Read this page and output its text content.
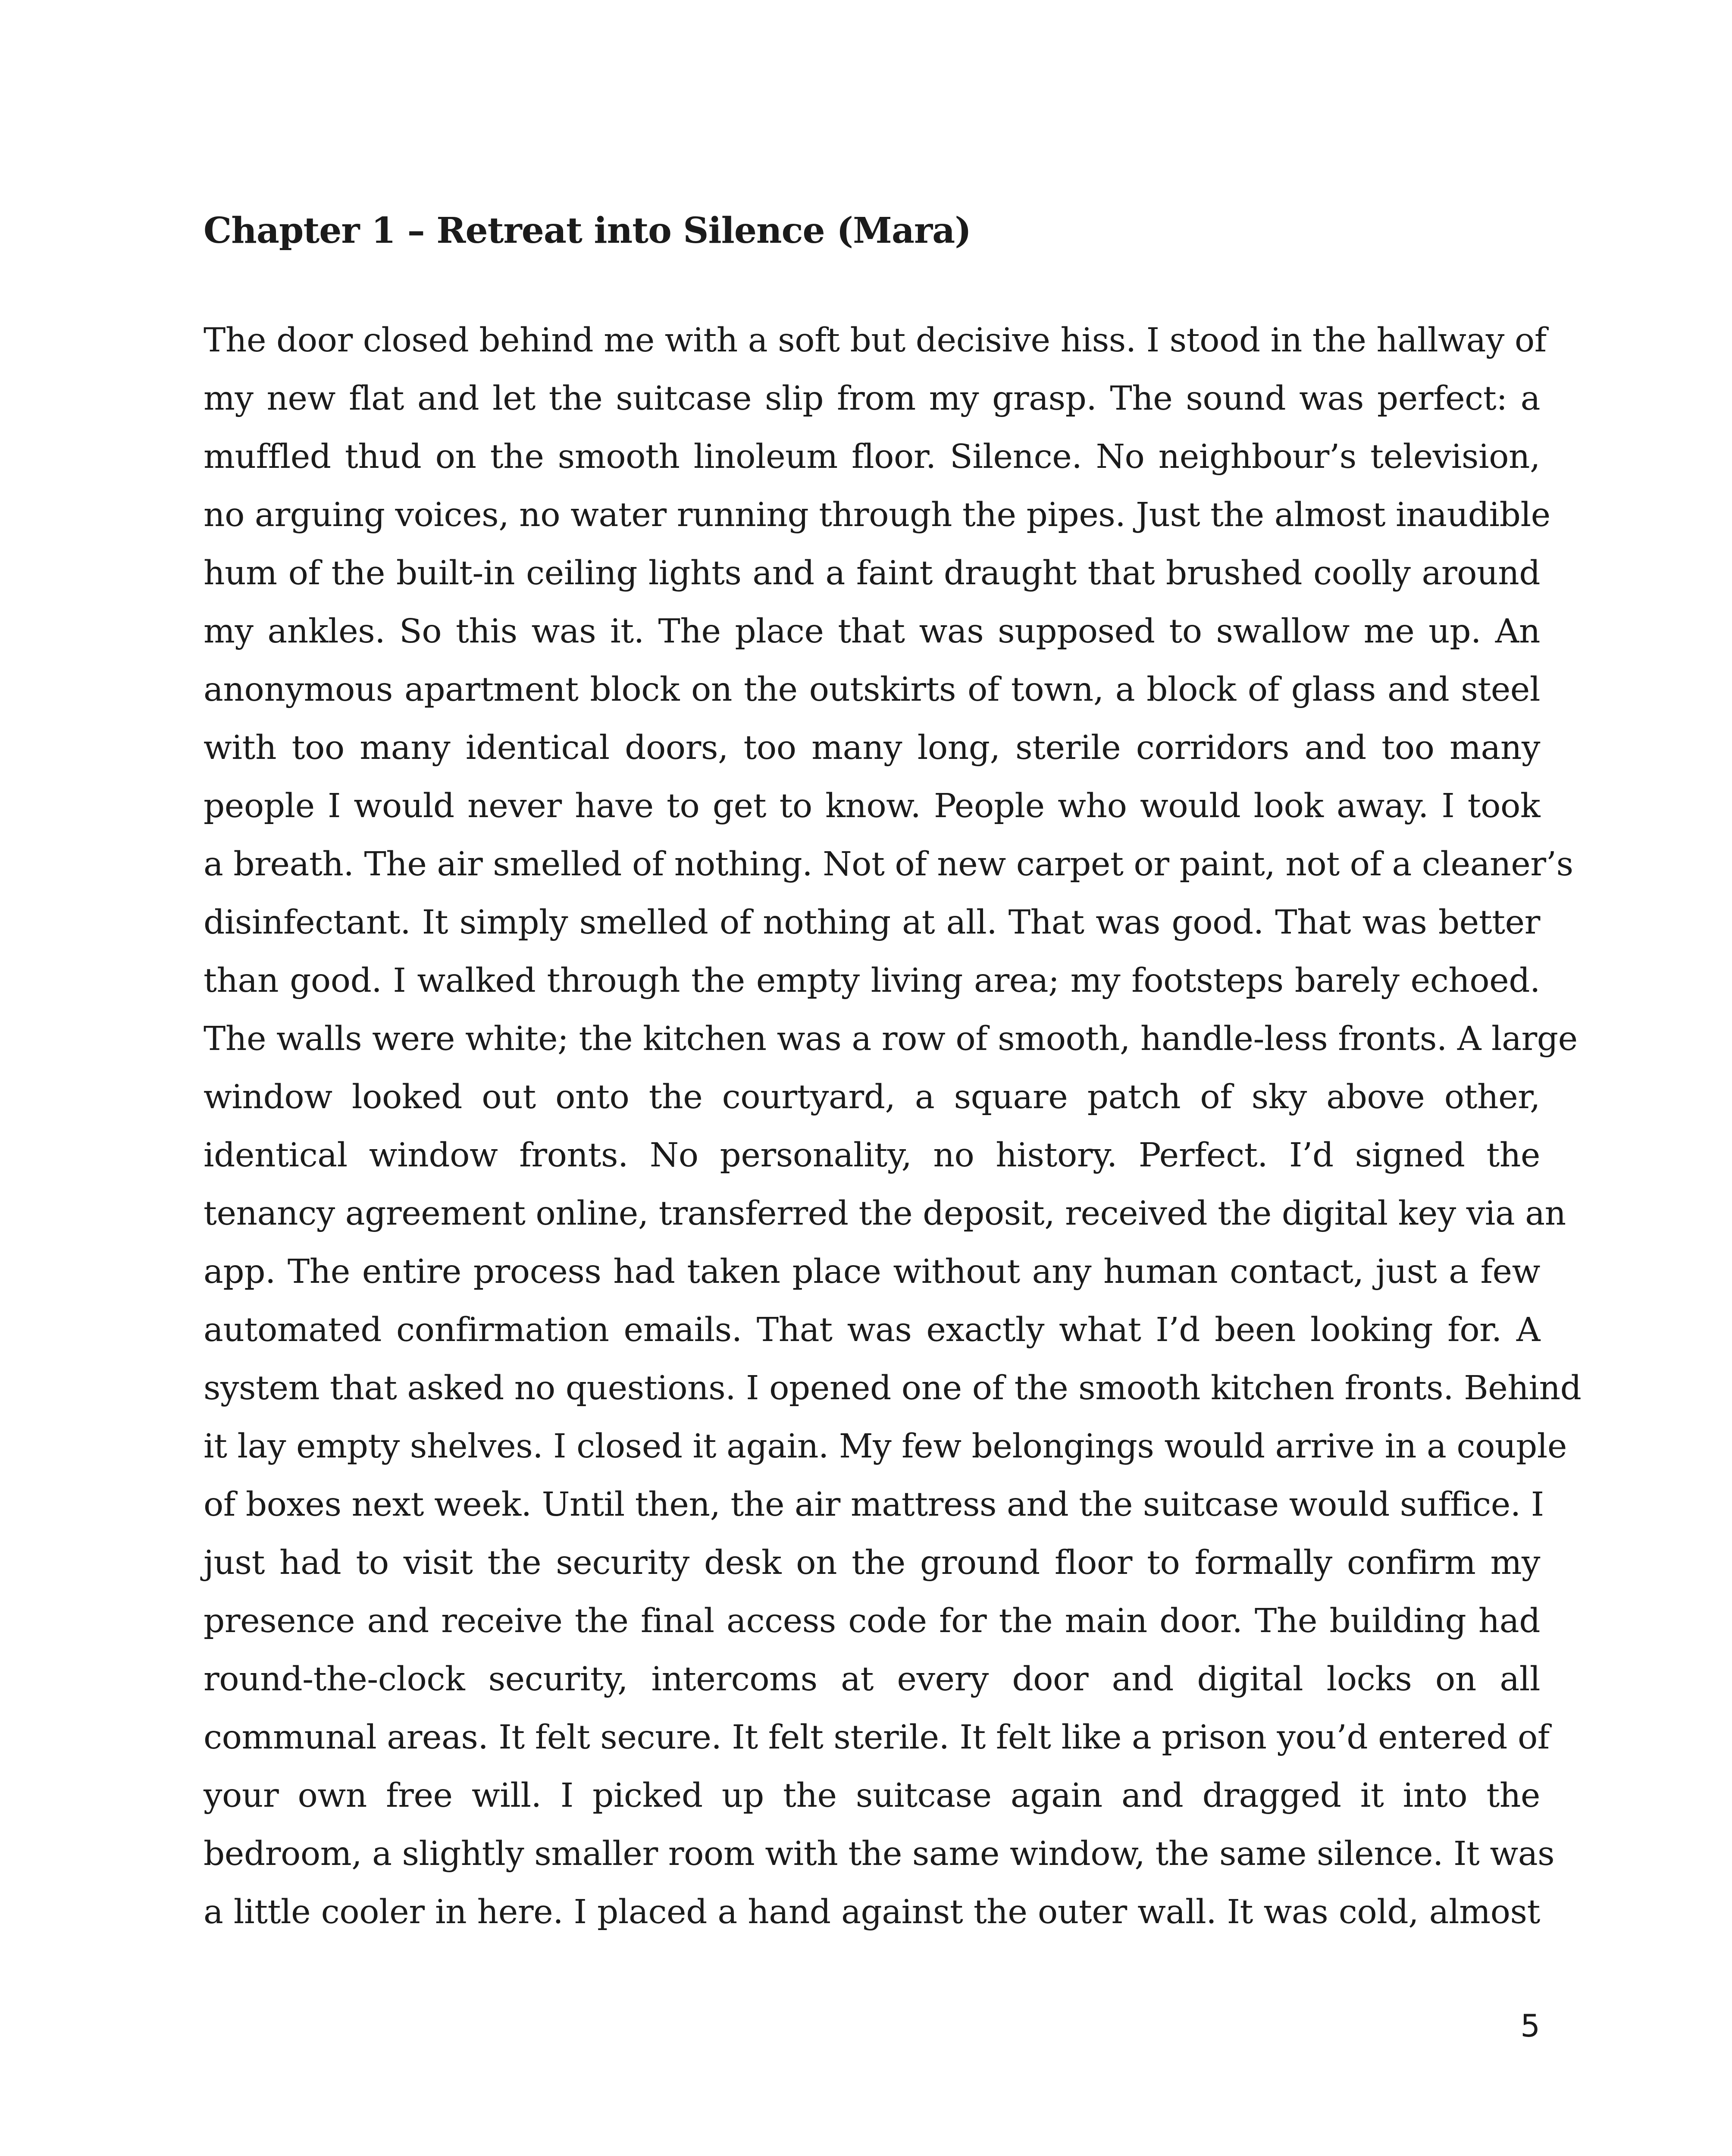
Chapter 1 – Retreat into Silence (Mara)
The door closed behind me with a soft but decisive hiss. I stood in the hallway of
my new flat and let the suitcase slip from my grasp. The sound was perfect: a
muffled thud on the smooth linoleum floor. Silence. No neighbour’s television,
no arguing voices, no water running through the pipes. Just the almost inaudible
hum of the built-in ceiling lights and a faint draught that brushed coolly around
my ankles. So this was it. The place that was supposed to swallow me up. An
anonymous apartment block on the outskirts of town, a block of glass and steel
with too many identical doors, too many long, sterile corridors and too many
people I would never have to get to know. People who would look away. I took
a breath. The air smelled of nothing. Not of new carpet or paint, not of a cleaner’s
disinfectant. It simply smelled of nothing at all. That was good. That was better
than good. I walked through the empty living area; my footsteps barely echoed.
The walls were white; the kitchen was a row of smooth, handle-less fronts. A large
window looked out onto the courtyard, a square patch of sky above other,
identical window fronts. No personality, no history. Perfect. I’d signed the
tenancy agreement online, transferred the deposit, received the digital key via an
app. The entire process had taken place without any human contact, just a few
automated confirmation emails. That was exactly what I’d been looking for. A
system that asked no questions. I opened one of the smooth kitchen fronts. Behind
it lay empty shelves. I closed it again. My few belongings would arrive in a couple
of boxes next week. Until then, the air mattress and the suitcase would suffice. I
just had to visit the security desk on the ground floor to formally confirm my
presence and receive the final access code for the main door. The building had
round-the-clock security, intercoms at every door and digital locks on all
communal areas. It felt secure. It felt sterile. It felt like a prison you’d entered of
your own free will. I picked up the suitcase again and dragged it into the
bedroom, a slightly smaller room with the same window, the same silence. It was
a little cooler in here. I placed a hand against the outer wall. It was cold, almost
5
